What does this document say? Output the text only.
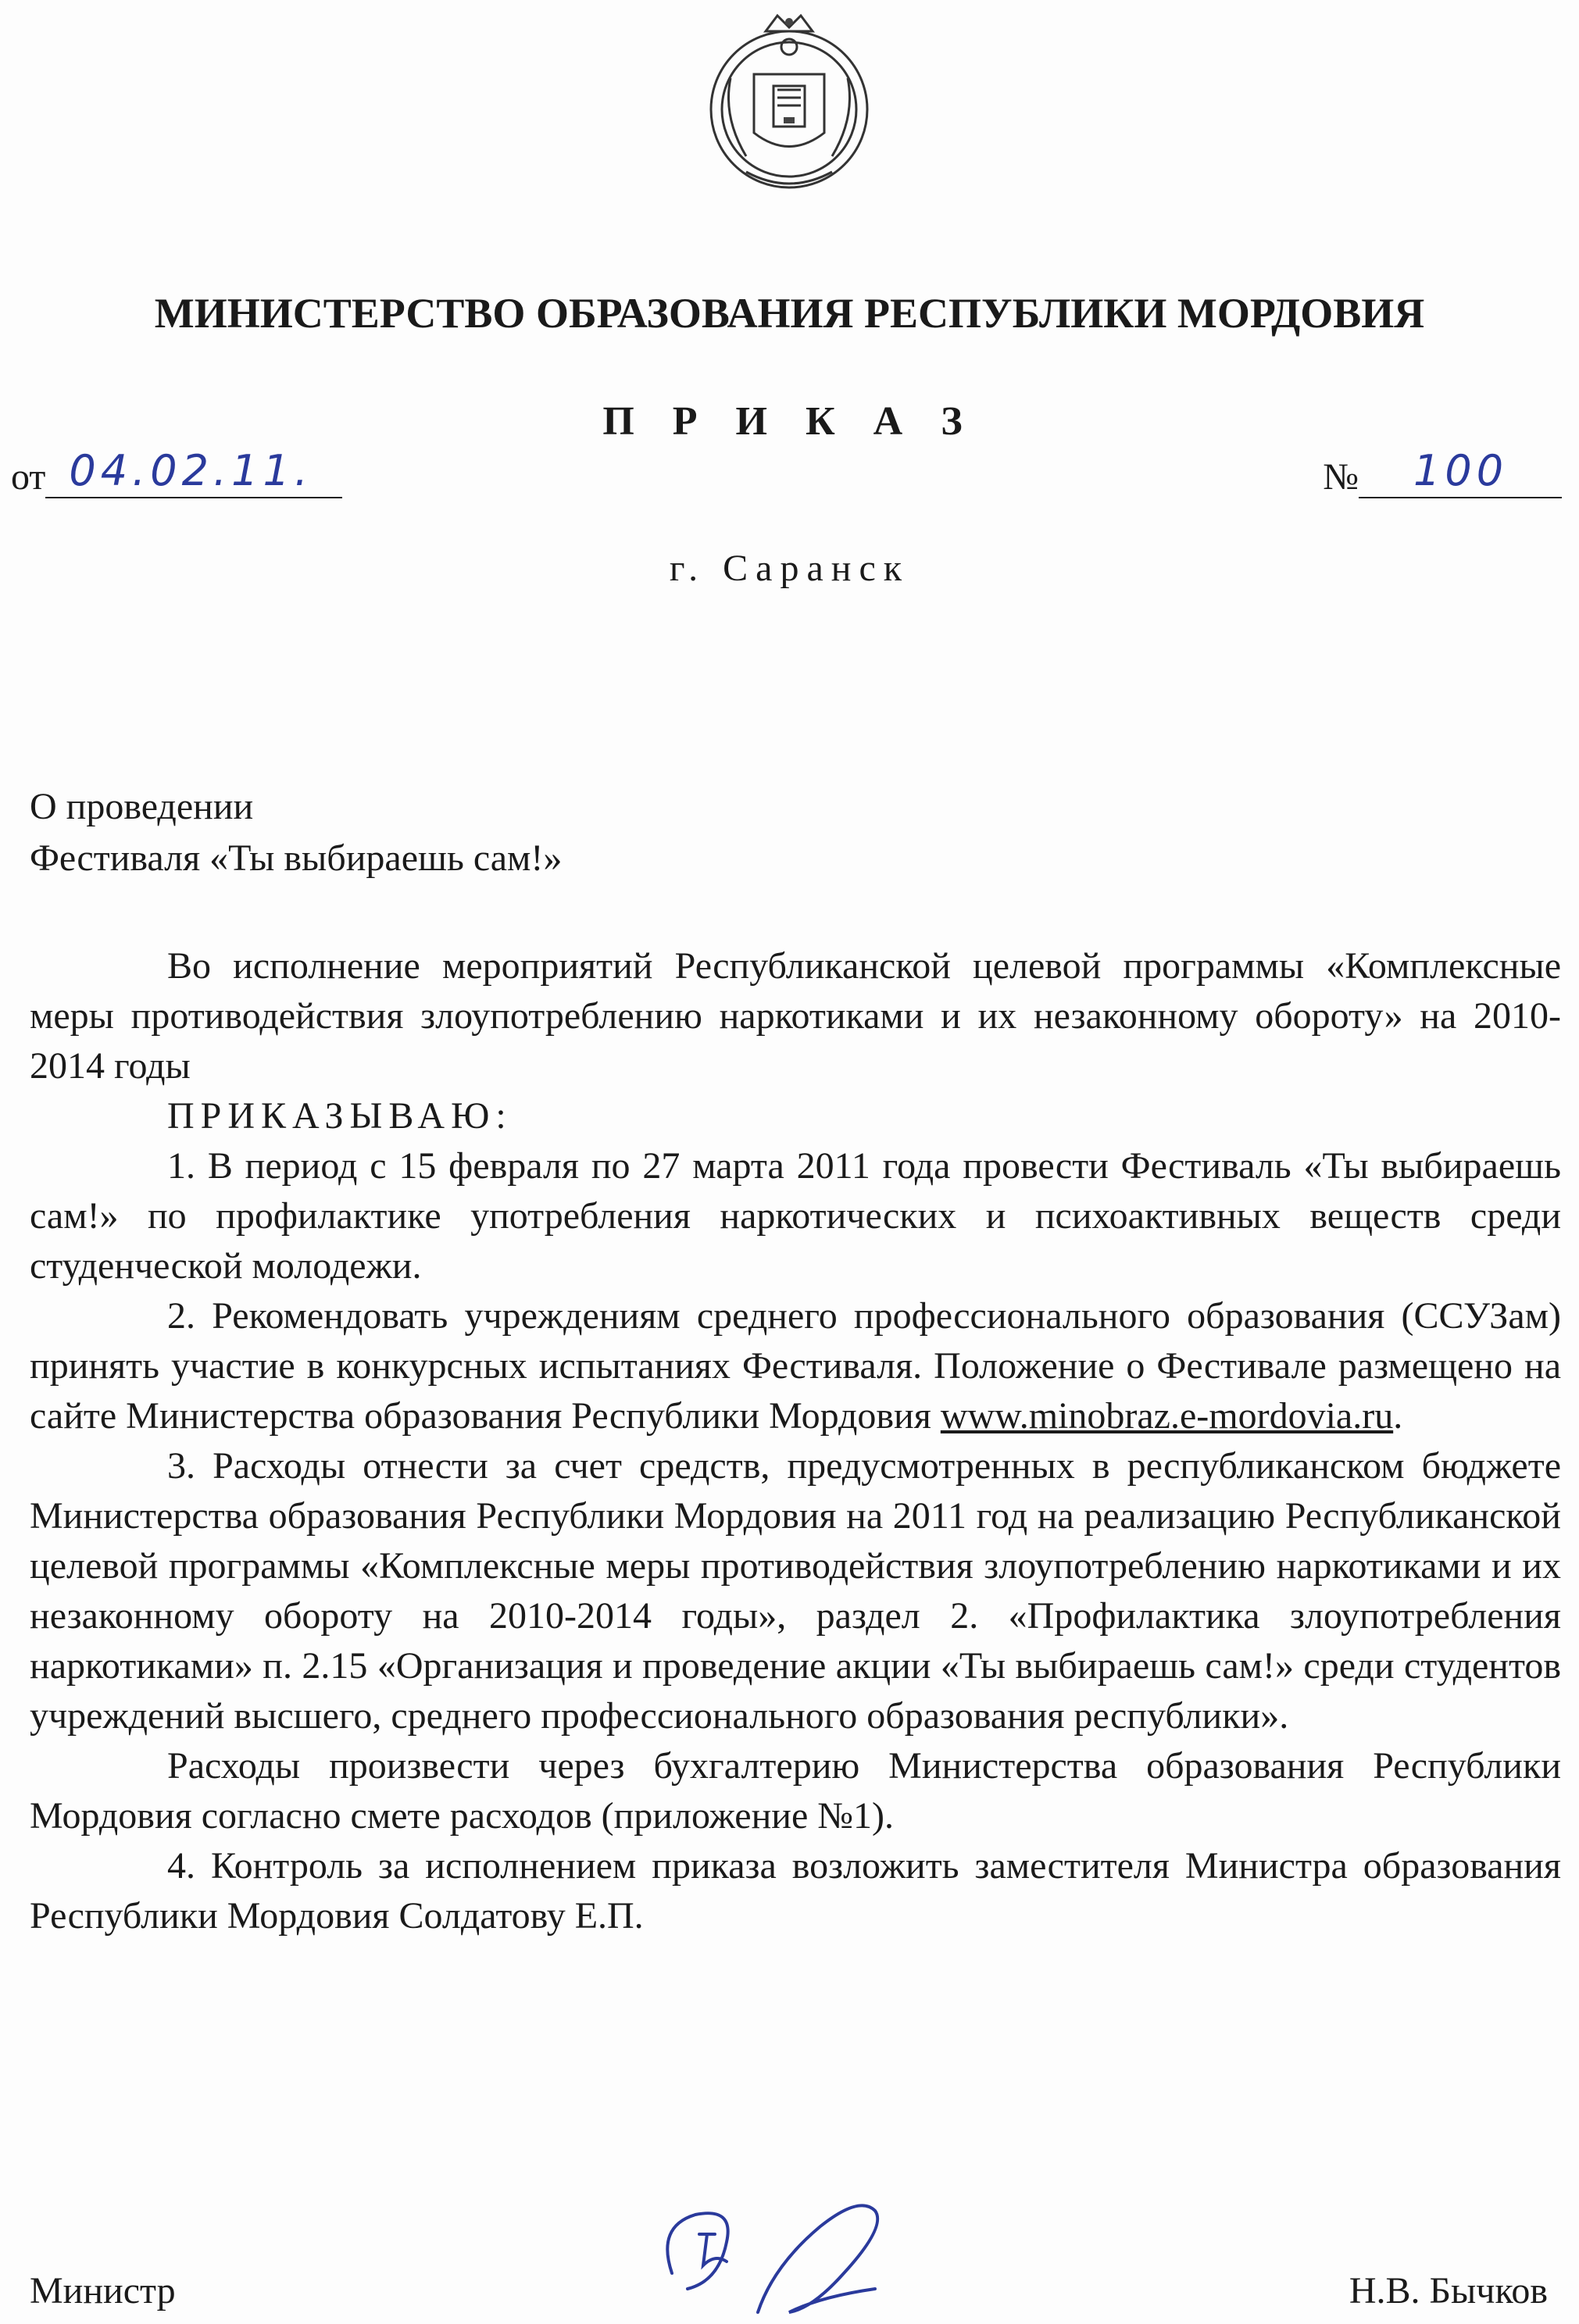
МИНИСТЕРСТВО ОБРАЗОВАНИЯ РЕСПУБЛИКИ МОРДОВИЯ
П Р И К А З
от 04.02.11.	№ 100
г. Саранск
О проведении
Фестиваля «Ты выбираешь сам!»

Во исполнение мероприятий Республиканской целевой программы «Комплексные меры противодействия злоупотреблению наркотиками и их незаконному обороту» на 2010-2014 годы

ПРИКАЗЫВАЮ:

1. В период с 15 февраля по 27 марта 2011 года провести Фестиваль «Ты выбираешь сам!» по профилактике употребления наркотических и психоактивных веществ среди студенческой молодежи.

2. Рекомендовать учреждениям среднего профессионального образования (ССУЗам) принять участие в конкурсных испытаниях Фестиваля. Положение о Фестивале размещено на сайте Министерства образования Республики Мордовия www.minobraz.e-mordovia.ru.

3. Расходы отнести за счет средств, предусмотренных в республиканском бюджете Министерства образования Республики Мордовия на 2011 год на реализацию Республиканской целевой программы «Комплексные меры противодействия злоупотреблению наркотиками и их незаконному обороту на 2010-2014 годы», раздел 2. «Профилактика злоупотребления наркотиками» п. 2.15 «Организация и проведение акции «Ты выбираешь сам!» среди студентов учреждений высшего, среднего профессионального образования республики».

Расходы произвести через бухгалтерию Министерства образования Республики Мордовия согласно смете расходов (приложение №1).

4. Контроль за исполнением приказа возложить заместителя Министра образования Республики Мордовия Солдатову Е.П.

Министр	Н.В. Бычков
